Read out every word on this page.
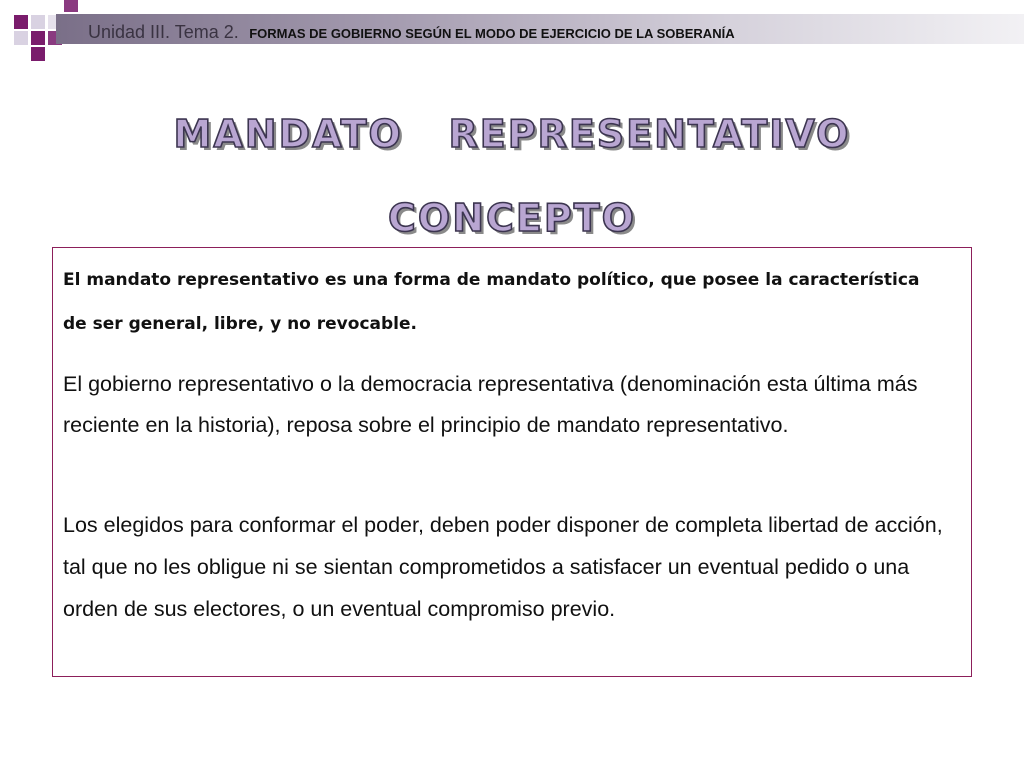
Unidad III. Tema 2. FORMAS DE GOBIERNO SEGÚN EL MODO DE EJERCICIO DE LA SOBERANÍA
MANDATO   REPRESENTATIVO
CONCEPTO

El mandato representativo es una forma de mandato político, que posee la característica de ser general, libre, y no revocable.

El gobierno representativo o la democracia representativa (denominación esta última más reciente en la historia), reposa sobre el principio de mandato representativo.

Los elegidos para conformar el poder, deben poder disponer de completa libertad de acción, tal que no les obligue ni se sientan comprometidos a satisfacer un eventual pedido o una orden de sus electores, o un eventual compromiso previo.
